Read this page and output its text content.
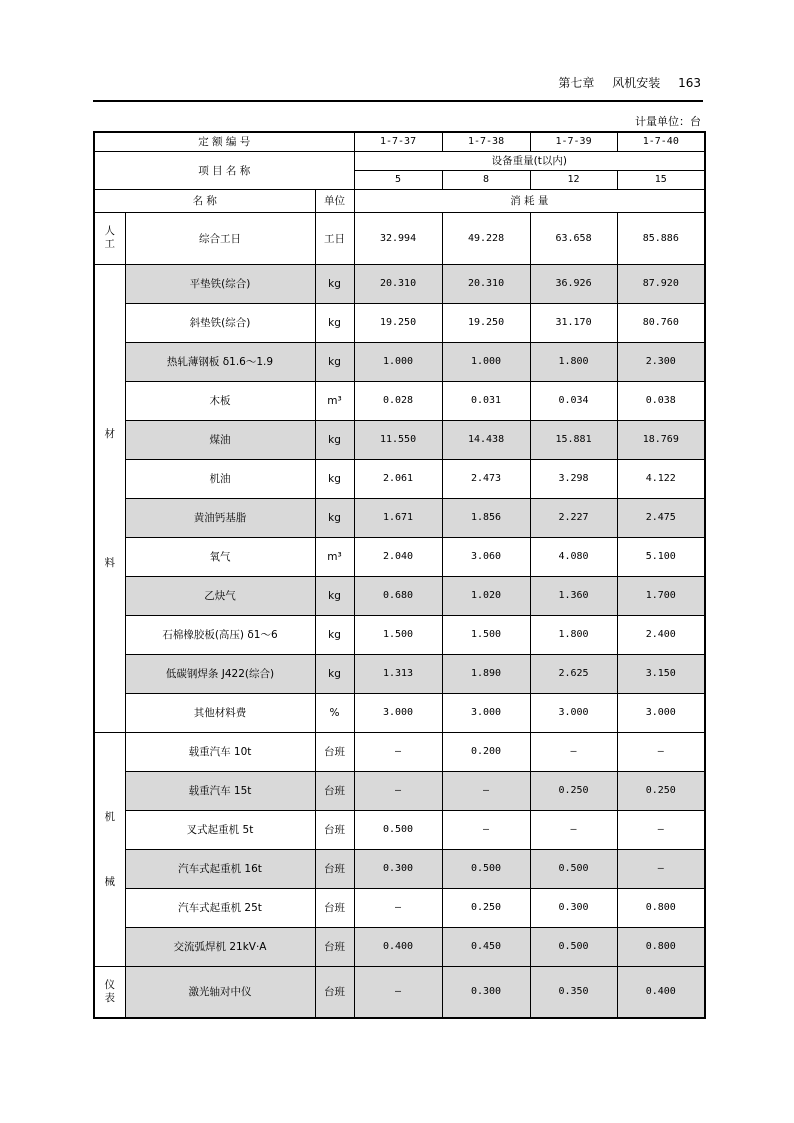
第七章 风机安装 163
计量单位：台
定 额 编 号			1-7-37	1-7-38	1-7-39	1-7-40
项 目 名 称			设备重量(t以内)			
			5	8	12	15
名 称		单位	消 耗 量			
人工	综合工日	工日	32.994	49.228	63.658	85.886

材
料	平垫铁(综合)	kg	20.310	20.310	36.926	87.920
	斜垫铁(综合)	kg	19.250	19.250	31.170	80.760
	热轧薄钢板 δ1.6～1.9	kg	1.000	1.000	1.800	2.300
	木板	m³	0.028	0.031	0.034	0.038
	煤油	kg	11.550	14.438	15.881	18.769
	机油	kg	2.061	2.473	3.298	4.122
	黄油钙基脂	kg	1.671	1.856	2.227	2.475
	氧气	m³	2.040	3.060	4.080	5.100
	乙炔气	kg	0.680	1.020	1.360	1.700
	石棉橡胶板(高压) δ1～6	kg	1.500	1.500	1.800	2.400
	低碳钢焊条 J422(综合)	kg	1.313	1.890	2.625	3.150
	其他材料费	%	3.000	3.000	3.000	3.000

机
械	载重汽车 10t	台班	—	0.200	—	—
	载重汽车 15t	台班	—	—	0.250	0.250
	叉式起重机 5t	台班	0.500	—	—	—
	汽车式起重机 16t	台班	0.300	0.500	0.500	—
	汽车式起重机 25t	台班	—	0.250	0.300	0.800
	交流弧焊机 21kV·A	台班	0.400	0.450	0.500	0.800
仪表	激光轴对中仪	台班	—	0.300	0.350	0.400
